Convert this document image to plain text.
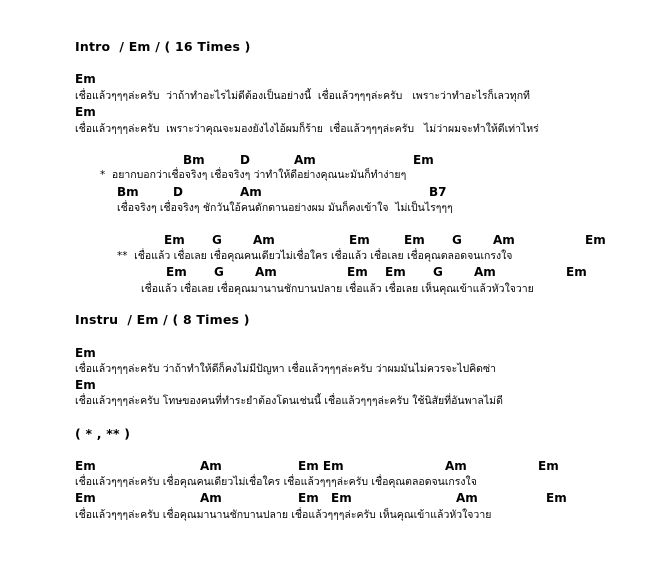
Intro  / Em / ( 16 Times )
Em
เชื่อแล้วๆๆๆล่ะครับ  ว่าถ้าทำอะไรไม่ดีต้องเป็นอย่างนี้  เชื่อแล้วๆๆๆล่ะครับ   เพราะว่าทำอะไรก็เลวทุกที
Em
เชื่อแล้วๆๆๆล่ะครับ  เพราะว่าคุณจะมองยังไงไอ้ผมก็ร้าย  เชื่อแล้วๆๆๆล่ะครับ   ไม่ว่าผมจะทำให้ดีเท่าไหร่
Bm	D	Am	Em
*  อยากบอกว่าเชื่อจริงๆ เชื่อจริงๆ ว่าทำให้ดีอย่างคุณนะมันก็ทำง่ายๆ
Bm	D	Am	B7
เชื่อจริงๆ เชื่อจริงๆ ชักวันใอ้คนดักดานอย่างผม มันก็คงเข้าใจ  ไม่เป็นไรๆๆๆ
Em G	Am	Em	Em G	Am	Em
**  เชื่อแล้ว เชื่อเลย เชื่อคุณคนเดียวไม่เชื่อใคร เชื่อแล้ว เชื่อเลย เชื่อคุณตลอดจนเกรงใจ
Em G	Am	Em Em G	Am	Em
เชื่อแล้ว เชื่อเลย เชื่อคุณมานานชักบานปลาย เชื่อแล้ว เชื่อเลย เห็นคุณเข้าแล้วหัวใจวาย
Instru  / Em / ( 8 Times )
Em
เชื่อแล้วๆๆๆล่ะครับ ว่าถ้าทำให้ดีก็คงไม่มีปัญหา เชื่อแล้วๆๆๆล่ะครับ ว่าผมมันไม่ควรจะไปคิดซ่า
Em
เชื่อแล้วๆๆๆล่ะครับ โทษของคนที่ทำระยำต้องโดนเช่นนี้ เชื่อแล้วๆๆๆล่ะครับ ใช้นิสัยที่อันพาลไม่ดี
( * , ** )
Em	Am	Em Em	Am	Em
เชื่อแล้วๆๆๆล่ะครับ เชื่อคุณคนเดียวไม่เชื่อใคร เชื่อแล้วๆๆๆล่ะครับ เชื่อคุณตลอดจนเกรงใจ
Em	Am	Em Em	Am	Em
เชื่อแล้วๆๆๆล่ะครับ เชื่อคุณมานานชักบานปลาย เชื่อแล้วๆๆๆล่ะครับ เห็นคุณเข้าแล้วหัวใจวาย
